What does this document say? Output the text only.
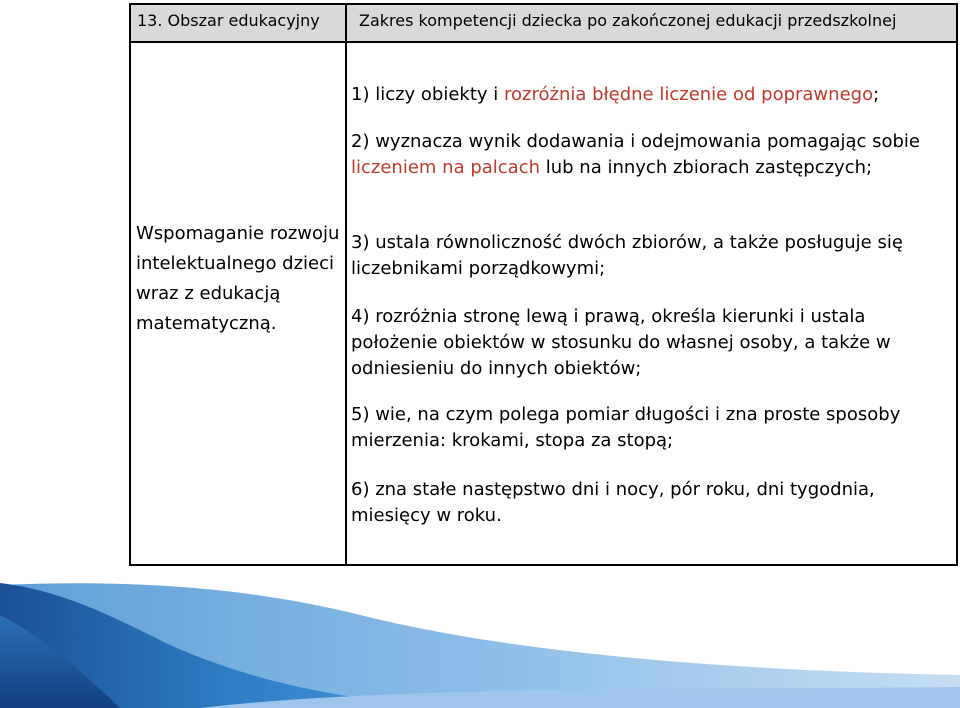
13. Obszar edukacyjny Zakres kompetencji dziecka po zakończonej edukacji przedszkolnej
Wspomaganie rozwoju intelektualnego dzieci wraz z edukacją matematyczną.

1) liczy obiekty i rozróżnia błędne liczenie od poprawnego;

2) wyznacza wynik dodawania i odejmowania pomagając sobie liczeniem na palcach lub na innych zbiorach zastępczych;

3) ustala równoliczność dwóch zbiorów, a także posługuje się liczebnikami porządkowymi;

4) rozróżnia stronę lewą i prawą, określa kierunki i ustala położenie obiektów w stosunku do własnej osoby, a także w odniesieniu do innych obiektów;

5) wie, na czym polega pomiar długości i zna proste sposoby mierzenia: krokami, stopa za stopą;

6) zna stałe następstwo dni i nocy, pór roku, dni tygodnia, miesięcy w roku.
